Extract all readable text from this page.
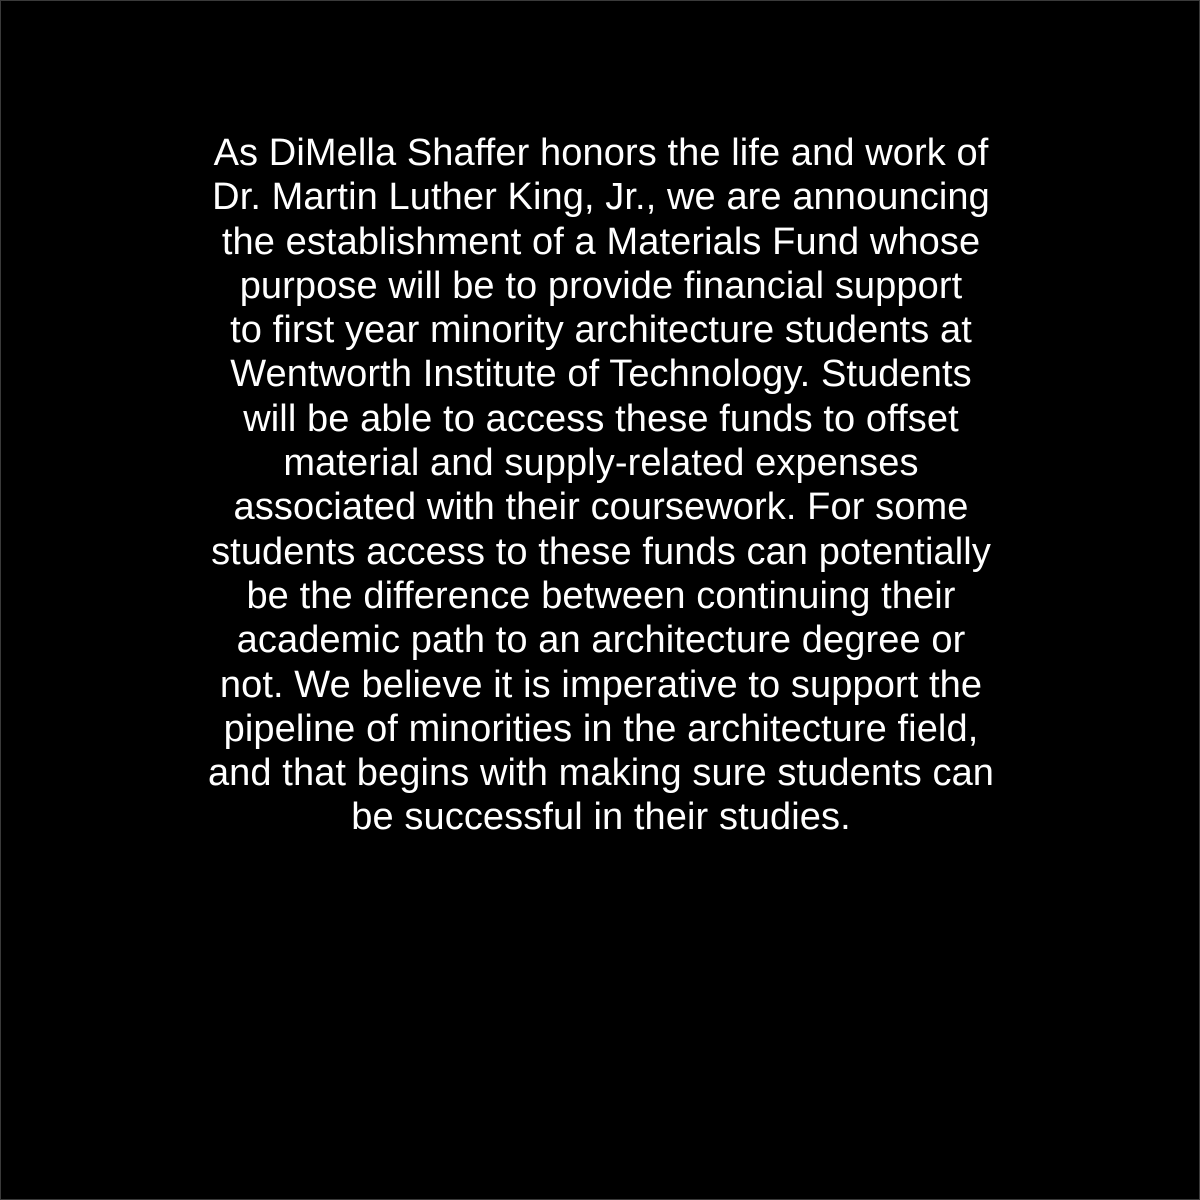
As DiMella Shaffer honors the life and work of
Dr. Martin Luther King, Jr., we are announcing
the establishment of a Materials Fund whose
purpose will be to provide financial support
to first year minority architecture students at
Wentworth Institute of Technology. Students
will be able to access these funds to offset
material and supply-related expenses
associated with their coursework. For some
students access to these funds can potentially
be the difference between continuing their
academic path to an architecture degree or
not. We believe it is imperative to support the
pipeline of minorities in the architecture field,
and that begins with making sure students can
be successful in their studies.
